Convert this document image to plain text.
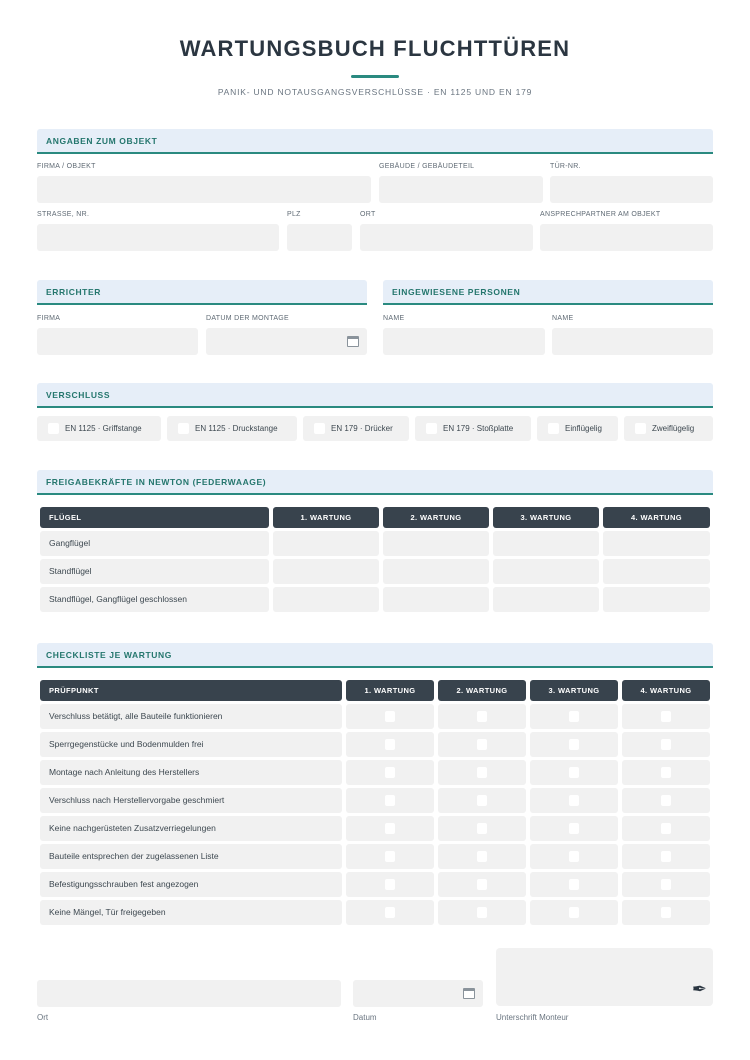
WARTUNGSBUCH FLUCHTTÜREN
PANIK- UND NOTAUSGANGSVERSCHLÜSSE · EN 1125 UND EN 179
ANGABEN ZUM OBJEKT
FIRMA / OBJEKT	GEBÄUDE / GEBÄUDETEIL	TÜR-NR.
STRASSE, NR.	PLZ	ORT	ANSPRECHPARTNER AM OBJEKT
ERRICHTER
FIRMA	DATUM DER MONTAGE
EINGEWIESENE PERSONEN
NAME	NAME
VERSCHLUSS
EN 1125 · Griffstange	EN 1125 · Druckstange	EN 179 · Drücker	EN 179 · Stoßplatte	Einflügelig	Zweiflügelig
FREIGABEKRÄFTE IN NEWTON (FEDERWAAGE)
FLÜGEL	1. WARTUNG	2. WARTUNG	3. WARTUNG	4. WARTUNG
Gangflügel
Standflügel
Standflügel, Gangflügel geschlossen
CHECKLISTE JE WARTUNG
PRÜFPUNKT	1. WARTUNG	2. WARTUNG	3. WARTUNG	4. WARTUNG
Verschluss betätigt, alle Bauteile funktionieren
Sperrgegenstücke und Bodenmulden frei
Montage nach Anleitung des Herstellers
Verschluss nach Herstellervorgabe geschmiert
Keine nachgerüsteten Zusatzverriegelungen
Bauteile entsprechen der zugelassenen Liste
Befestigungsschrauben fest angezogen
Keine Mängel, Tür freigegeben
✒
Ort	Datum	Unterschrift Monteur
